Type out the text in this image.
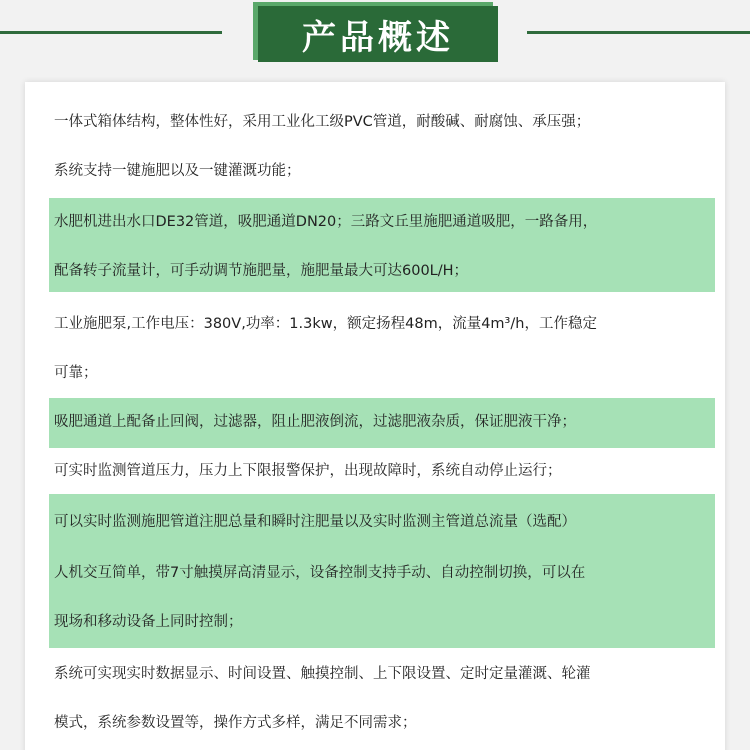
产品概述
一体式箱体结构，整体性好，采用工业化工级PVC管道，耐酸碱、耐腐蚀、承压强；
系统支持一键施肥以及一键灌溉功能；
水肥机进出水口DE32管道，吸肥通道DN20；三路文丘里施肥通道吸肥，一路备用，
配备转子流量计，可手动调节施肥量，施肥量最大可达600L/H；
工业施肥泵,工作电压：380V,功率：1.3kw，额定扬程48m，流量4m³/h，工作稳定
可靠；
吸肥通道上配备止回阀，过滤器，阻止肥液倒流，过滤肥液杂质，保证肥液干净；
可实时监测管道压力，压力上下限报警保护，出现故障时，系统自动停止运行；
可以实时监测施肥管道注肥总量和瞬时注肥量以及实时监测主管道总流量（选配）
人机交互简单，带7寸触摸屏高清显示，设备控制支持手动、自动控制切换，可以在
现场和移动设备上同时控制；
系统可实现实时数据显示、时间设置、触摸控制、上下限设置、定时定量灌溉、轮灌
模式，系统参数设置等，操作方式多样，满足不同需求；
